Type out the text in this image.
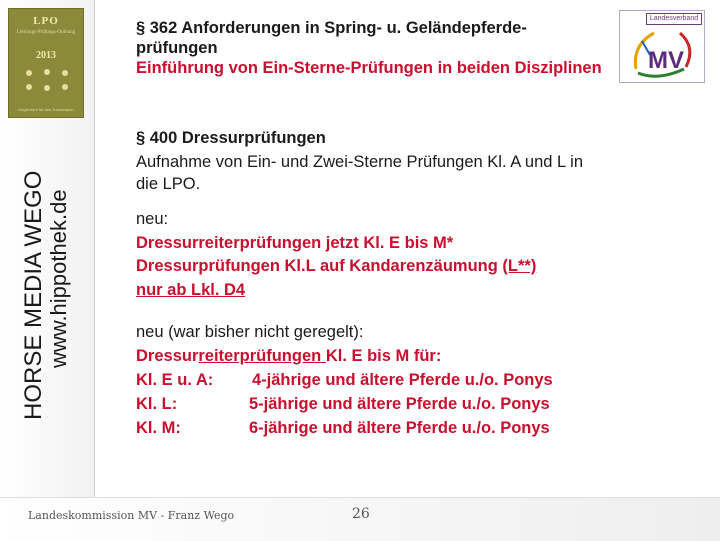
LPO
Leistungs-Prüfungs-Ordnung
2013
Reglement für den Turniersport
HORSE MEDIA WEGO www.hippothek.de
Landesverband
MV
§ 362 Anforderungen in Spring- u. Geländepferde-
prüfungen
Einführung von Ein-Sterne-Prüfungen in beiden Disziplinen
§ 400 Dressurprüfungen
Aufnahme von Ein- und Zwei-Sterne Prüfungen Kl. A und L in
die LPO.
neu:
Dressurreiterprüfungen jetzt Kl. E bis M*
Dressurprüfungen Kl.L auf Kandarenzäumung (L**)
nur ab Lkl. D4
neu (war bisher nicht geregelt):
Dressurreiterprüfungen Kl. E bis M für:
Kl. E u. A: 4-jährige und ältere Pferde u./o. Ponys
Kl. L:	5-jährige und ältere Pferde u./o. Ponys
Kl. M:	6-jährige und ältere Pferde u./o. Ponys
Landeskommission MV - Franz Wego	26
